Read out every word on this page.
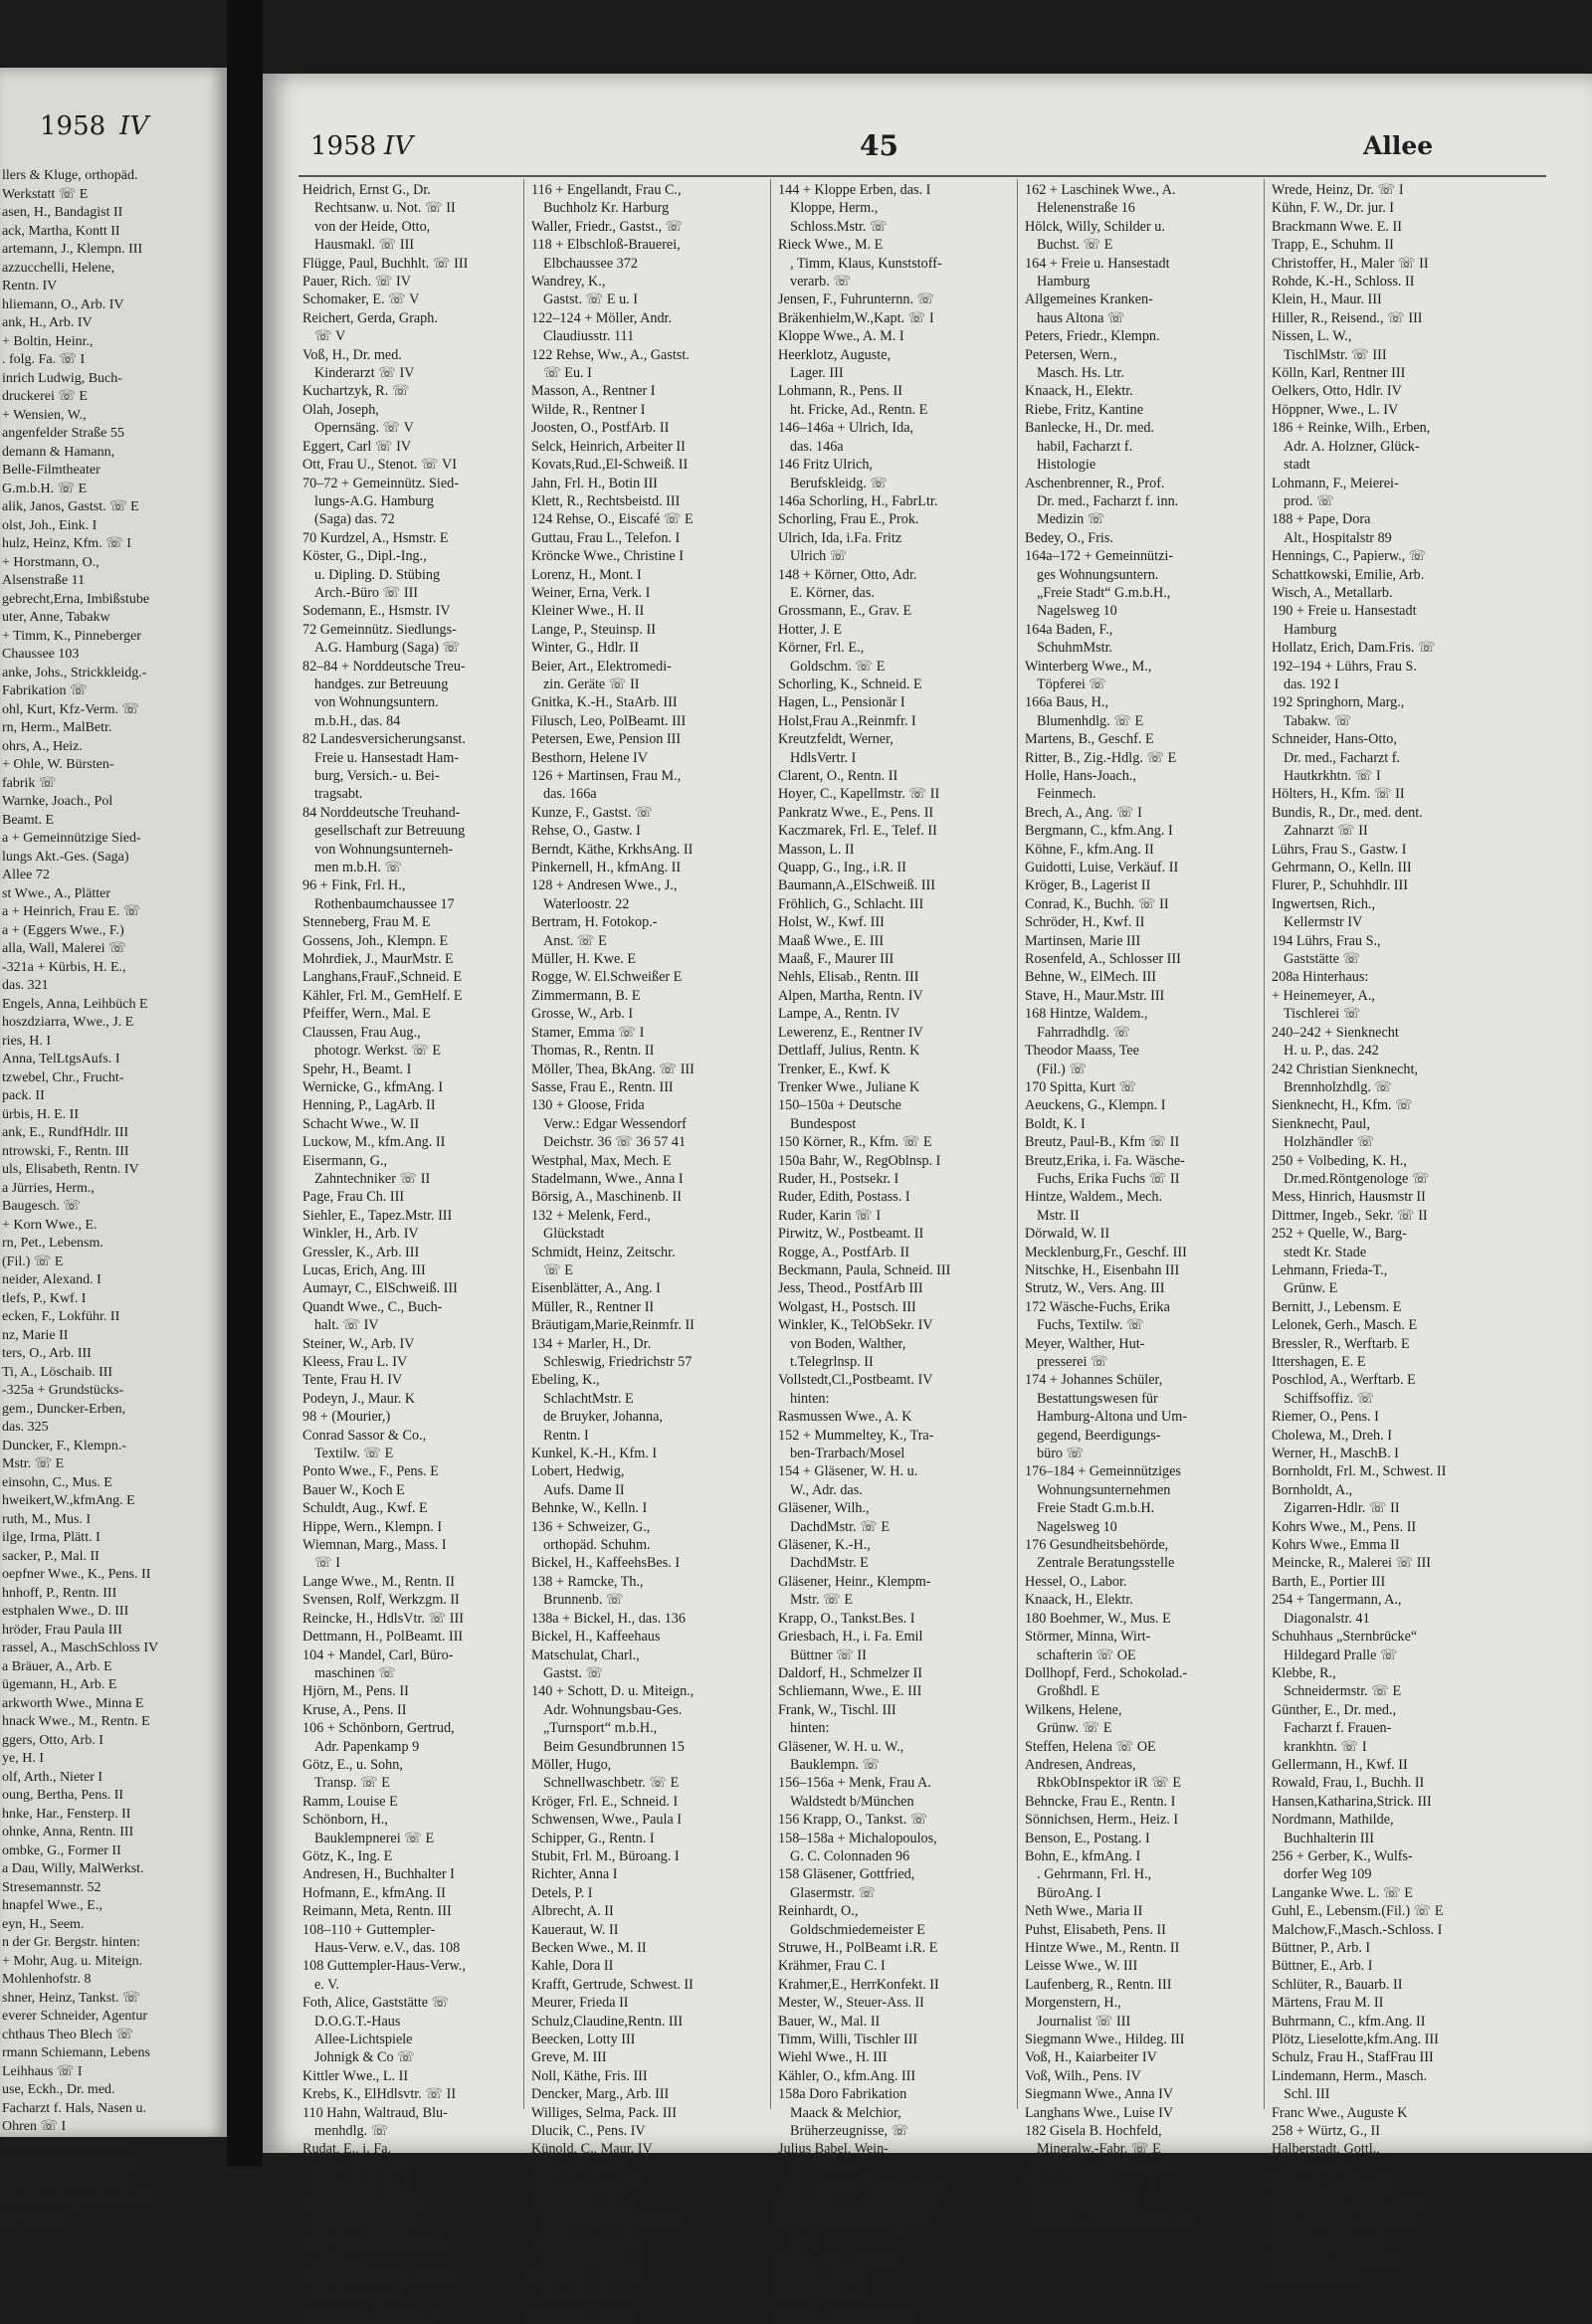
1958 IV
llers & Kluge, orthopäd.
Werkstatt ☏ E
asen, H., Bandagist II
ack, Martha, Kontt II
artemann, J., Klempn. III
azzucchelli, Helene,
Rentn. IV
hliemann, O., Arb. IV
ank, H., Arb. IV
+ Boltin, Heinr.,
. folg. Fa. ☏ I
inrich Ludwig, Buch-
druckerei ☏ E
+ Wensien, W.,
angenfelder Straße 55
demann & Hamann,
Belle-Filmtheater
G.m.b.H. ☏ E
alik, Janos, Gastst. ☏ E
olst, Joh., Eink. I
hulz, Heinz, Kfm. ☏ I
+ Horstmann, O.,
Alsenstraße 11
gebrecht,Erna, Imbißstube
uter, Anne, Tabakw
+ Timm, K., Pinneberger
Chaussee 103
anke, Johs., Strickkleidg.-
Fabrikation ☏
ohl, Kurt, Kfz-Verm. ☏
rn, Herm., MalBetr.
ohrs, A., Heiz.
+ Ohle, W. Bürsten-
fabrik ☏
Warnke, Joach., Pol
Beamt. E
a + Gemeinnützige Sied-
lungs Akt.-Ges. (Saga)
Allee 72
st Wwe., A., Plätter
a + Heinrich, Frau E. ☏
a + (Eggers Wwe., F.)
alla, Wall, Malerei ☏
-321a + Kürbis, H. E.,
das. 321
Engels, Anna, Leihbüch E
hoszdziarra, Wwe., J. E
ries, H. I
Anna, TelLtgsAufs. I
tzwebel, Chr., Frucht-
pack. II
ürbis, H. E. II
ank, E., RundfHdlr. III
ntrowski, F., Rentn. III
uls, Elisabeth, Rentn. IV
a Jürries, Herm.,
Baugesch. ☏
+ Korn Wwe., E.
rn, Pet., Lebensm.
(Fil.) ☏ E
neider, Alexand. I
tlefs, P., Kwf. I
ecken, F., Lokführ. II
nz, Marie II
ters, O., Arb. III
Ti, A., Löschaib. III
-325a + Grundstücks-
gem., Duncker-Erben,
das. 325
Duncker, F., Klempn.-
Mstr. ☏ E
einsohn, C., Mus. E
hweikert,W.,kfmAng. E
ruth, M., Mus. I
ilge, Irma, Plätt. I
sacker, P., Mal. II
oepfner Wwe., K., Pens. II
hnhoff, P., Rentn. III
estphalen Wwe., D. III
hröder, Frau Paula III
rassel, A., MaschSchloss IV
a Bräuer, A., Arb. E
ügemann, H., Arb. E
arkworth Wwe., Minna E
hnack Wwe., M., Rentn. E
ggers, Otto, Arb. I
ye, H. I
olf, Arth., Nieter I
oung, Bertha, Pens. II
hnke, Har., Fensterp. II
ohnke, Anna, Rentn. III
ombke, G., Former II
a Dau, Willy, MalWerkst.
Stresemannstr. 52
hnapfel Wwe., E.,
eyn, H., Seem.
n der Gr. Bergstr. hinten:
+ Mohr, Aug. u. Miteign.
Mohlenhofstr. 8
shner, Heinz, Tankst. ☏
everer Schneider, Agentur
chthaus Theo Blech ☏
rmann Schiemann, Lebens
Leihhaus ☏ I
use, Eckh., Dr. med.
Facharzt f. Hals, Nasen u.
Ohren ☏ I
erufskrankenkasse der
Techniker (Ersatzkasse)
Geschäftsstelle Altona
hina Eier Import G.m.b.H.
☏ II u. III
1958 IV	45	Allee
Heidrich, Ernst G., Dr.
Rechtsanw. u. Not. ☏ II
von der Heide, Otto,
Hausmakl. ☏ III
Flügge, Paul, Buchhlt. ☏ III
Pauer, Rich. ☏ IV
Schomaker, E. ☏ V
Reichert, Gerda, Graph.
☏ V
Voß, H., Dr. med.
Kinderarzt ☏ IV
Kuchartzyk, R. ☏
Olah, Joseph,
Opernsäng. ☏ V
Eggert, Carl ☏ IV
Ott, Frau U., Stenot. ☏ VI
70–72 + Gemeinnütz. Sied-
lungs-A.G. Hamburg
(Saga) das. 72
70 Kurdzel, A., Hsmstr. E
Köster, G., Dipl.-Ing.,
u. Dipling. D. Stübing
Arch.-Büro ☏ III
Sodemann, E., Hsmstr. IV
72 Gemeinnütz. Siedlungs-
A.G. Hamburg (Saga) ☏
82–84 + Norddeutsche Treu-
handges. zur Betreuung
von Wohnungsuntern.
m.b.H., das. 84
82 Landesversicherungsanst.
Freie u. Hansestadt Ham-
burg, Versich.- u. Bei-
tragsabt.
84 Norddeutsche Treuhand-
gesellschaft zur Betreuung
von Wohnungsunterneh-
men m.b.H. ☏
96 + Fink, Frl. H.,
Rothenbaumchaussee 17
Stenneberg, Frau M. E
Gossens, Joh., Klempn. E
Mohrdiek, J., MaurMstr. E
Langhans,FrauF.,Schneid. E
Kähler, Frl. M., GemHelf. E
Pfeiffer, Wern., Mal. E
Claussen, Frau Aug.,
photogr. Werkst. ☏ E
Spehr, H., Beamt. I
Wernicke, G., kfmAng. I
Henning, P., LagArb. II
Schacht Wwe., W. II
Luckow, M., kfm.Ang. II
Eisermann, G.,
Zahntechniker ☏ II
Page, Frau Ch. III
Siehler, E., Tapez.Mstr. III
Winkler, H., Arb. IV
Gressler, K., Arb. III
Lucas, Erich, Ang. III
Aumayr, C., ElSchweiß. III
Quandt Wwe., C., Buch-
halt. ☏ IV
Steiner, W., Arb. IV
Kleess, Frau L. IV
Tente, Frau H. IV
Podeyn, J., Maur. K
98 + (Mourier,)
Conrad Sassor & Co.,
Textilw. ☏ E
Ponto Wwe., F., Pens. E
Bauer W., Koch E
Schuldt, Aug., Kwf. E
Hippe, Wern., Klempn. I
Wiemnan, Marg., Mass. I
☏ I
Lange Wwe., M., Rentn. II
Svensen, Rolf, Werkzgm. II
Reincke, H., HdlsVtr. ☏ III
Dettmann, H., PolBeamt. III
104 + Mandel, Carl, Büro-
maschinen ☏
Hjörn, M., Pens. II
Kruse, A., Pens. II
106 + Schönborn, Gertrud,
Adr. Papenkamp 9
Götz, E., u. Sohn,
Transp. ☏ E
Ramm, Louise E
Schönborn, H.,
Bauklempnerei ☏ E
Götz, K., Ing. E
Andresen, H., Buchhalter I
Hofmann, E., kfmAng. II
Reimann, Meta, Rentn. III
108–110 + Guttempler-
Haus-Verw. e.V., das. 108
108 Guttempler-Haus-Verw.,
e. V.
Foth, Alice, Gaststätte ☏
D.O.G.T.-Haus
Allee-Lichtspiele
Johnigk & Co ☏
Kittler Wwe., L. II
Krebs, K., ElHdlsvtr. ☏ II
110 Hahn, Waltraud, Blu-
menhdlg. ☏
Rudat, E., i. Fa.
Allee-Lichtspiele
Johnigk & Co. ☏
112 + Hansson & Co.,
Bahnhofspachtgn.,
114 + Lucas, J., Dr. med.,
Arzt, ☏
Schmadalla, Lotte, Dr. jur.,
Rechtsanw., ☏
Schaper, H., Bauing. ☏
116 + Engellandt, Frau C.,
Buchholz Kr. Harburg
Waller, Friedr., Gastst., ☏
118 + Elbschloß-Brauerei,
Elbchaussee 372
Wandrey, K.,
Gastst. ☏ E u. I
122–124 + Möller, Andr.
Claudiusstr. 111
122 Rehse, Ww., A., Gastst.
☏ Eu. I
Masson, A., Rentner I
Wilde, R., Rentner I
Joosten, O., PostfArb. II
Selck, Heinrich, Arbeiter II
Kovats,Rud.,El-Schweiß. II
Jahn, Frl. H., Botin III
Klett, R., Rechtsbeistd. III
124 Rehse, O., Eiscafé ☏ E
Guttau, Frau L., Telefon. I
Kröncke Wwe., Christine I
Lorenz, H., Mont. I
Weiner, Erna, Verk. I
Kleiner Wwe., H. II
Lange, P., Steuinsp. II
Winter, G., Hdlr. II
Beier, Art., Elektromedi-
zin. Geräte ☏ II
Gnitka, K.-H., StaArb. III
Filusch, Leo, PolBeamt. III
Petersen, Ewe, Pension III
Besthorn, Helene IV
126 + Martinsen, Frau M.,
das. 166a
Kunze, F., Gastst. ☏
Rehse, O., Gastw. I
Berndt, Käthe, KrkhsAng. II
Pinkernell, H., kfmAng. II
128 + Andresen Wwe., J.,
Waterloostr. 22
Bertram, H. Fotokop.-
Anst. ☏ E
Müller, H. Kwe. E
Rogge, W. El.Schweißer E
Zimmermann, B. E
Grosse, W., Arb. I
Stamer, Emma ☏ I
Thomas, R., Rentn. II
Möller, Thea, BkAng. ☏ III
Sasse, Frau E., Rentn. III
130 + Gloose, Frida
Verw.: Edgar Wessendorf
Deichstr. 36 ☏ 36 57 41
Westphal, Max, Mech. E
Stadelmann, Wwe., Anna I
Börsig, A., Maschinenb. II
132 + Melenk, Ferd.,
Glückstadt
Schmidt, Heinz, Zeitschr.
☏ E
Eisenblätter, A., Ang. I
Müller, R., Rentner II
Bräutigam,Marie,Reinmfr. II
134 + Marler, H., Dr.
Schleswig, Friedrichstr 57
Ebeling, K.,
SchlachtMstr. E
de Bruyker, Johanna,
Rentn. I
Kunkel, K.-H., Kfm. I
Lobert, Hedwig,
Aufs. Dame II
Behnke, W., Kelln. I
136 + Schweizer, G.,
orthopäd. Schuhm.
Bickel, H., KaffeehsBes. I
138 + Ramcke, Th.,
Brunnenb. ☏
138a + Bickel, H., das. 136
Bickel, H., Kaffeehaus
Matschulat, Charl.,
Gastst. ☏
140 + Schott, D. u. Miteign.,
Adr. Wohnungsbau-Ges.
„Turnsport“ m.b.H.,
Beim Gesundbrunnen 15
Möller, Hugo,
Schnellwaschbetr. ☏ E
Kröger, Frl. E., Schneid. I
Schwensen, Wwe., Paula I
Schipper, G., Rentn. I
Stubit, Frl. M., Büroang. I
Richter, Anna I
Detels, P. I
Albrecht, A. II
Kaueraut, W. II
Becken Wwe., M. II
Kahle, Dora II
Krafft, Gertrude, Schwest. II
Meurer, Frieda II
Schulz,Claudine,Rentn. III
Beecken, Lotty III
Greve, M. III
Noll, Käthe, Fris. III
Dencker, Marg., Arb. III
Williges, Selma, Pack. III
Dlucik, C., Pens. IV
Künold, C., Maur. IV
Völker, Marie IV
Gillmann, Lotte IV
142–142a + Adler,
Brobergen 37, Kr. Stade
142a Nissen, L. W.,
MöbTischlerei ☏
Hoffmann, Elsbeth,
MaschStrick. ☏
Lust, Walt., Prok. I
144 + Kloppe Erben, das. I
Kloppe, Herm.,
Schloss.Mstr. ☏
Rieck Wwe., M. E
, Timm, Klaus, Kunststoff-
verarb. ☏
Jensen, F., Fuhrunternn. ☏
Bräkenhielm,W.,Kapt. ☏ I
Kloppe Wwe., A. M. I
Heerklotz, Auguste,
Lager. III
Lohmann, R., Pens. II
ht. Fricke, Ad., Rentn. E
146–146a + Ulrich, Ida,
das. 146a
146 Fritz Ulrich,
Berufskleidg. ☏
146a Schorling, H., FabrLtr.
Schorling, Frau E., Prok.
Ulrich, Ida, i.Fa. Fritz
Ulrich ☏
148 + Körner, Otto, Adr.
E. Körner, das.
Grossmann, E., Grav. E
Hotter, J. E
Körner, Frl. E.,
Goldschm. ☏ E
Schorling, K., Schneid. E
Hagen, L., Pensionär I
Holst,Frau A.,Reinmfr. I
Kreutzfeldt, Werner,
HdlsVertr. I
Clarent, O., Rentn. II
Hoyer, C., Kapellmstr. ☏ II
Pankratz Wwe., E., Pens. II
Kaczmarek, Frl. E., Telef. II
Masson, L. II
Quapp, G., Ing., i.R. II
Baumann,A.,ElSchweiß. III
Fröhlich, G., Schlacht. III
Holst, W., Kwf. III
Maaß Wwe., E. III
Maaß, F., Maurer III
Nehls, Elisab., Rentn. III
Alpen, Martha, Rentn. IV
Lampe, A., Rentn. IV
Lewerenz, E., Rentner IV
Dettlaff, Julius, Rentn. K
Trenker, E., Kwf. K
Trenker Wwe., Juliane K
150–150a + Deutsche
Bundespost
150 Körner, R., Kfm. ☏ E
150a Bahr, W., RegOblnsp. I
Ruder, H., Postsekr. I
Ruder, Edith, Postass. I
Ruder, Karin ☏ I
Pirwitz, W., Postbeamt. II
Rogge, A., PostfArb. II
Beckmann, Paula, Schneid. III
Jess, Theod., PostfArb III
Wolgast, H., Postsch. III
Winkler, K., TelObSekr. IV
von Boden, Walther,
t.Telegrlnsp. II
Vollstedt,Cl.,Postbeamt. IV
hinten:
Rasmussen Wwe., A. K
152 + Mummeltey, K., Tra-
ben-Trarbach/Mosel
154 + Gläsener, W. H. u.
W., Adr. das.
Gläsener, Wilh.,
DachdMstr. ☏ E
Gläsener, K.-H.,
DachdMstr. E
Gläsener, Heinr., Klempm-
Mstr. ☏ E
Krapp, O., Tankst.Bes. I
Griesbach, H., i. Fa. Emil
Büttner ☏ II
Daldorf, H., Schmelzer II
Schliemann, Wwe., E. III
Frank, W., Tischl. III
hinten:
Gläsener, W. H. u. W.,
Bauklempn. ☏
156–156a + Menk, Frau A.
Waldstedt b/München
156 Krapp, O., Tankst. ☏
158–158a + Michalopoulos,
G. C. Colonnaden 96
158 Gläsener, Gottfried,
Glasermstr. ☏
Reinhardt, O.,
Goldschmiedemeister E
Struwe, H., PolBeamt i.R. E
Krähmer, Frau C. I
Krahmer,E., HerrKonfekt. II
Mester, W., Steuer-Ass. II
Bauer, W., Mal. II
Timm, Willi, Tischler III
Wiehl Wwe., H. III
Kähler, O., kfm.Ang. III
158a Doro Fabrikation
Maack & Melchior,
Brüherzeugnisse, ☏
Julius Babel, Wein-
Großhdl. ☏
160 + Bunzen Wwe., S., das.
Fanghänel, P., Seifenhdlg. E
Käbisch, Erni, Strumpfrep.
☏ E
Peters, Karl, Elektr. I
Bunzen, Saida I
Wedel, Elvire I
Bunzen, H., VersAng. II
162 + Laschinek Wwe., A.
Helenenstraße 16
Hölck, Willy, Schilder u.
Buchst. ☏ E
164 + Freie u. Hansestadt
Hamburg
Allgemeines Kranken-
haus Altona ☏
Peters, Friedr., Klempn.
Petersen, Wern.,
Masch. Hs. Ltr.
Knaack, H., Elektr.
Riebe, Fritz, Kantine
Banlecke, H., Dr. med.
habil, Facharzt f.
Histologie
Aschenbrenner, R., Prof.
Dr. med., Facharzt f. inn.
Medizin ☏
Bedey, O., Fris.
164a–172 + Gemeinnützi-
ges Wohnungsuntern.
„Freie Stadt“ G.m.b.H.,
Nagelsweg 10
164a Baden, F.,
SchuhmMstr.
Winterberg Wwe., M.,
Töpferei ☏
166a Baus, H.,
Blumenhdlg. ☏ E
Martens, B., Geschf. E
Ritter, B., Zig.-Hdlg. ☏ E
Holle, Hans-Joach.,
Feinmech.
Brech, A., Ang. ☏ I
Bergmann, C., kfm.Ang. I
Köhne, F., kfm.Ang. II
Guidotti, Luise, Verkäuf. II
Kröger, B., Lagerist II
Conrad, K., Buchh. ☏ II
Schröder, H., Kwf. II
Martinsen, Marie III
Rosenfeld, A., Schlosser III
Behne, W., ElMech. III
Stave, H., Maur.Mstr. III
168 Hintze, Waldem.,
Fahrradhdlg. ☏
Theodor Maass, Tee
(Fil.) ☏
170 Spitta, Kurt ☏
Aeuckens, G., Klempn. I
Boldt, K. I
Breutz, Paul-B., Kfm ☏ II
Breutz,Erika, i. Fa. Wäsche-
Fuchs, Erika Fuchs ☏ II
Hintze, Waldem., Mech.
Mstr. II
Dörwald, W. II
Mecklenburg,Fr., Geschf. III
Nitschke, H., Eisenbahn III
Strutz, W., Vers. Ang. III
172 Wäsche-Fuchs, Erika
Fuchs, Textilw. ☏
Meyer, Walther, Hut-
presserei ☏
174 + Johannes Schüler,
Bestattungswesen für
Hamburg-Altona und Um-
gegend, Beerdigungs-
büro ☏
176–184 + Gemeinnütziges
Wohnungsunternehmen
Freie Stadt G.m.b.H.
Nagelsweg 10
176 Gesundheitsbehörde,
Zentrale Beratungsstelle
Hessel, O., Labor.
Knaack, H., Elektr.
180 Boehmer, W., Mus. E
Störmer, Minna, Wirt-
schafterin ☏ OE
Dollhopf, Ferd., Schokolad.-
Großhdl. E
Wilkens, Helene,
Grünw. ☏ E
Steffen, Helena ☏ OE
Andresen, Andreas,
RbkObInspektor iR ☏ E
Behncke, Frau E., Rentn. I
Sönnichsen, Herm., Heiz. I
Benson, E., Postang. I
Bohn, E., kfmAng. I
. Gehrmann, Frl. H.,
BüroAng. I
Neth Wwe., Maria II
Puhst, Elisabeth, Pens. II
Hintze Wwe., M., Rentn. II
Leisse Wwe., W. III
Laufenberg, R., Rentn. III
Morgenstern, H.,
Journalist ☏ III
Siegmann Wwe., Hildeg. III
Voß, H., Kaiarbeiter IV
Voß, Wilh., Pens. IV
Siegmann Wwe., Anna IV
Langhans Wwe., Luise IV
182 Gisela B. Hochfeld,
Mineralw.-Fabr. ☏ E
184 Klaffke, O., Friseur E
Wrede, E., Bäck. ☏ E
Schwartz, Cäcilie I
Wrede, G., Zollbeamt. i.R. II
Wrede, Heinz, Dr. ☏ I
Kühn, F. W., Dr. jur. I
Brackmann Wwe. E. II
Trapp, E., Schuhm. II
Christoffer, H., Maler ☏ II
Rohde, K.-H., Schloss. II
Klein, H., Maur. III
Hiller, R., Reisend., ☏ III
Nissen, L. W.,
TischlMstr. ☏ III
Kölln, Karl, Rentner III
Oelkers, Otto, Hdlr. IV
Höppner, Wwe., L. IV
186 + Reinke, Wilh., Erben,
Adr. A. Holzner, Glück-
stadt
Lohmann, F., Meierei-
prod. ☏
188 + Pape, Dora
Alt., Hospitalstr 89
Hennings, C., Papierw., ☏
Schattkowski, Emilie, Arb.
Wisch, A., Metallarb.
190 + Freie u. Hansestadt
Hamburg
Hollatz, Erich, Dam.Fris. ☏
192–194 + Lührs, Frau S.
das. 192 I
192 Springhorn, Marg.,
Tabakw. ☏
Schneider, Hans-Otto,
Dr. med., Facharzt f.
Hautkrkhtn. ☏ I
Hölters, H., Kfm. ☏ II
Bundis, R., Dr., med. dent.
Zahnarzt ☏ II
Lührs, Frau S., Gastw. I
Gehrmann, O., Kelln. III
Flurer, P., Schuhhdlr. III
Ingwertsen, Rich.,
Kellermstr IV
194 Lührs, Frau S.,
Gaststätte ☏
208a Hinterhaus:
+ Heinemeyer, A.,
Tischlerei ☏
240–242 + Sienknecht
H. u. P., das. 242
242 Christian Sienknecht,
Brennholzhdlg. ☏
Sienknecht, H., Kfm. ☏
Sienknecht, Paul,
Holzhändler ☏
250 + Volbeding, K. H.,
Dr.med.Röntgenologe ☏
Mess, Hinrich, Hausmstr II
Dittmer, Ingeb., Sekr. ☏ II
252 + Quelle, W., Barg-
stedt Kr. Stade
Lehmann, Frieda-T.,
Grünw. E
Bernitt, J., Lebensm. E
Lelonek, Gerh., Masch. E
Bressler, R., Werftarb. E
Ittershagen, E. E
Poschlod, A., Werftarb. E
Schiffsoffiz. ☏
Riemer, O., Pens. I
Cholewa, M., Dreh. I
Werner, H., MaschB. I
Bornholdt, Frl. M., Schwest. II
Bornholdt, A.,
Zigarren-Hdlr. ☏ II
Kohrs Wwe., M., Pens. II
Kohrs Wwe., Emma II
Meincke, R., Malerei ☏ III
Barth, E., Portier III
254 + Tangermann, A.,
Diagonalstr. 41
Schuhhaus „Sternbrücke“
Hildegard Pralle ☏
Klebbe, R.,
Schneidermstr. ☏ E
Günther, E., Dr. med.,
Facharzt f. Frauen-
krankhtn. ☏ I
Gellermann, H., Kwf. II
Rowald, Frau, I., Buchh. II
Hansen,Katharina,Strick. III
Nordmann, Mathilde,
Buchhalterin III
256 + Gerber, K., Wulfs-
dorfer Weg 109
Langanke Wwe. L. ☏ E
Guhl, E., Lebensm.(Fil.) ☏ E
Malchow,F.,Masch.-Schloss. I
Büttner, P., Arb. I
Büttner, E., Arb. I
Schlüter, R., Bauarb. II
Märtens, Frau M. II
Buhrmann, C., kfm.Ang. II
Plötz, Lieselotte,kfm.Ang. III
Schulz, Frau H., StafFrau III
Lindemann, Herm., Masch.
Schl. III
Franc Wwe., Auguste K
258 + Würtz, G., II
Halberstadt, Gottl.,
Pelze ☏ E
Weber, F., Schloss. E
Lehmann, W., Maur.-Pol. I
Müller, Elisab., Rentn. II
Wolf, R., Schloss. II
Hillbrandt, Frau E. III
Böttcher, E. III
